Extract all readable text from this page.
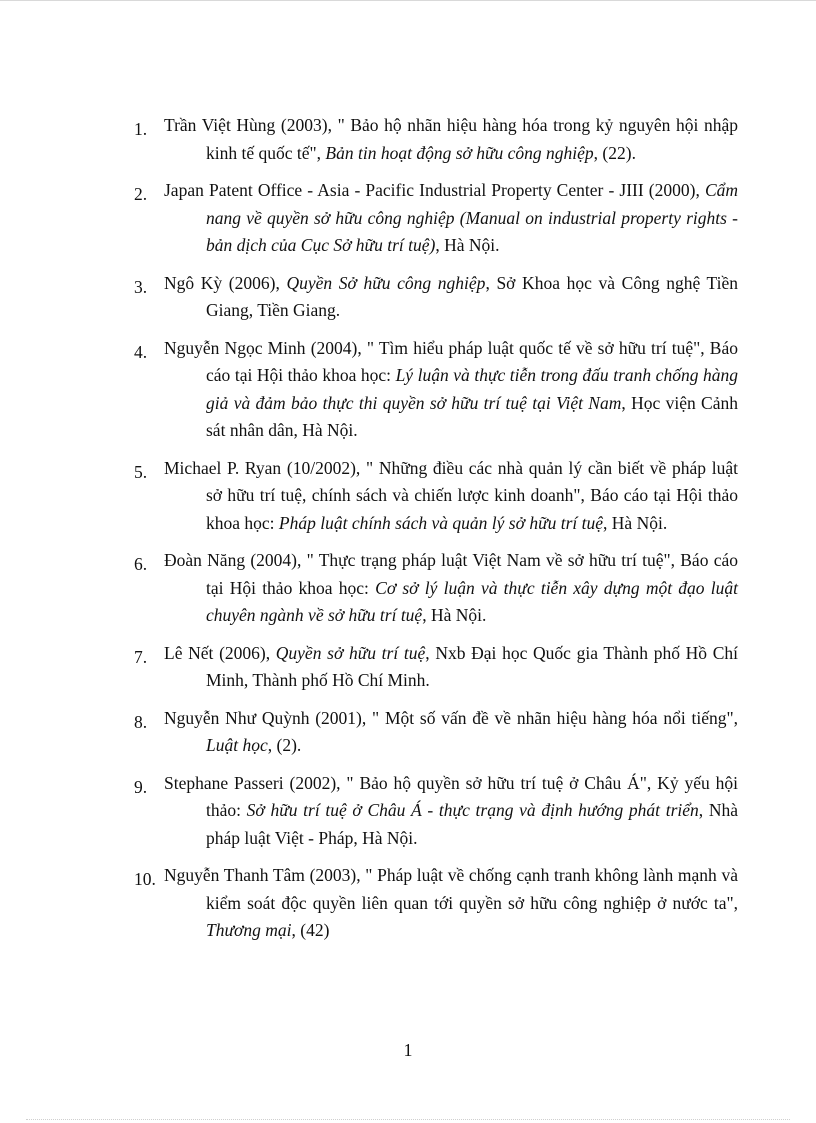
1. Trần Việt Hùng (2003), " Bảo hộ nhãn hiệu hàng hóa trong kỷ nguyên hội nhập kinh tế quốc tế", Bản tin hoạt động sở hữu công nghiệp, (22).
2. Japan Patent Office - Asia - Pacific Industrial Property Center - JIII (2000), Cẩm nang về quyền sở hữu công nghiệp (Manual on industrial property rights - bản dịch của Cục Sở hữu trí tuệ), Hà Nội.
3. Ngô Kỳ (2006), Quyền Sở hữu công nghiệp, Sở Khoa học và Công nghệ Tiền Giang, Tiền Giang.
4. Nguyễn Ngọc Minh (2004), " Tìm hiểu pháp luật quốc tế về sở hữu trí tuệ", Báo cáo tại Hội thảo khoa học: Lý luận và thực tiễn trong đấu tranh chống hàng giả và đảm bảo thực thi quyền sở hữu trí tuệ tại Việt Nam, Học viện Cảnh sát nhân dân, Hà Nội.
5. Michael P. Ryan (10/2002), " Những điều các nhà quản lý cần biết về pháp luật sở hữu trí tuệ, chính sách và chiến lược kinh doanh", Báo cáo tại Hội thảo khoa học: Pháp luật chính sách và quản lý sở hữu trí tuệ, Hà Nội.
6. Đoàn Năng (2004), " Thực trạng pháp luật Việt Nam về sở hữu trí tuệ", Báo cáo tại Hội thảo khoa học: Cơ sở lý luận và thực tiễn xây dựng một đạo luật chuyên ngành về sở hữu trí tuệ, Hà Nội.
7. Lê Nết (2006), Quyền sở hữu trí tuệ, Nxb Đại học Quốc gia Thành phố Hồ Chí Minh, Thành phố Hồ Chí Minh.
8. Nguyễn Như Quỳnh (2001), " Một số vấn đề về nhãn hiệu hàng hóa nổi tiếng", Luật học, (2).
9. Stephane Passeri (2002), " Bảo hộ quyền sở hữu trí tuệ ở Châu Á", Kỷ yếu hội thảo: Sở hữu trí tuệ ở Châu Á - thực trạng và định hướng phát triển, Nhà pháp luật Việt - Pháp, Hà Nội.
10. Nguyễn Thanh Tâm (2003), " Pháp luật về chống cạnh tranh không lành mạnh và kiểm soát độc quyền liên quan tới quyền sở hữu công nghiệp ở nước ta", Thương mại, (42)
1
